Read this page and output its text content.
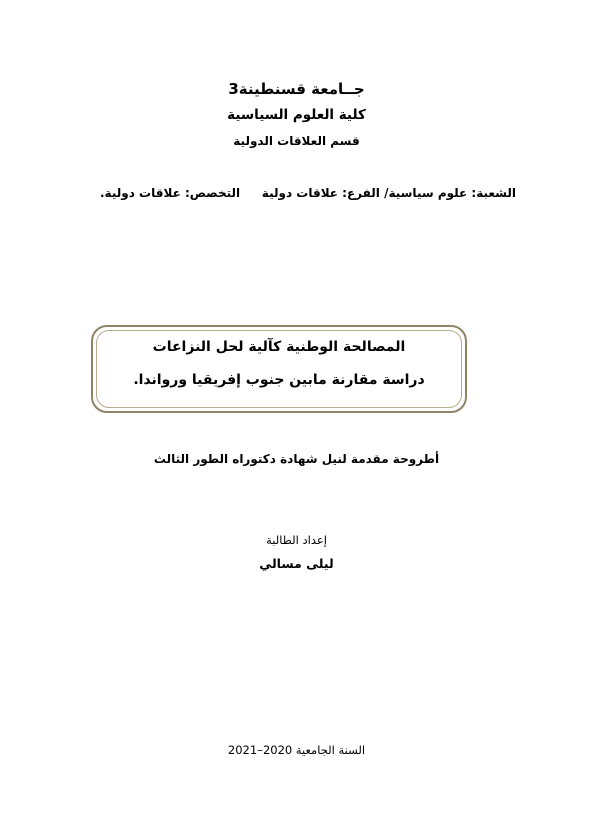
جــامعة قسنطينة3
كلية العلوم السياسية
قسم العلاقات الدولية
الشعبة: علوم سياسية/ الفرع: علاقات دولية
التخصص: علاقات دولية.
المصالحة الوطنية كآلية لحل النزاعات
دراسة مقارنة مابين جنوب إفريقيا ورواندا.
أطروحة مقدمة لنيل شهادة دكتوراه الطور الثالث
إعداد الطالبة
ليلى مسالي
السنة الجامعية 2020–2021
